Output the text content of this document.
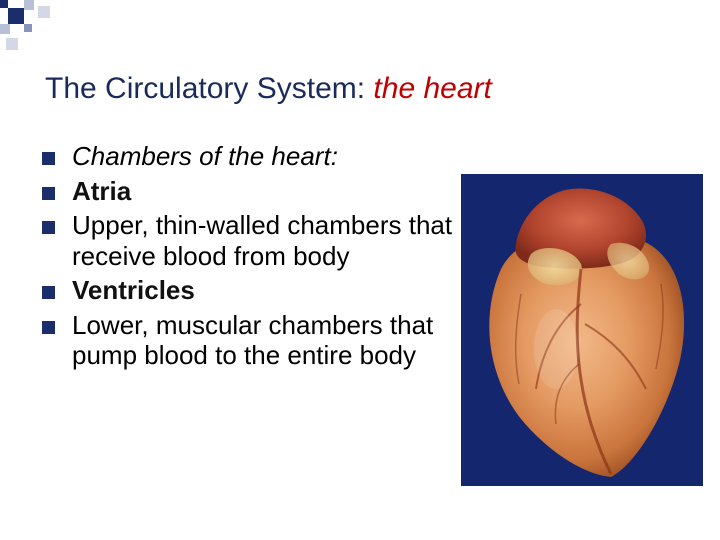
The Circulatory System: the heart
Chambers of the heart:
Atria
Upper, thin-walled chambers that receive blood from body
Ventricles
Lower, muscular chambers that pump blood to the entire body
